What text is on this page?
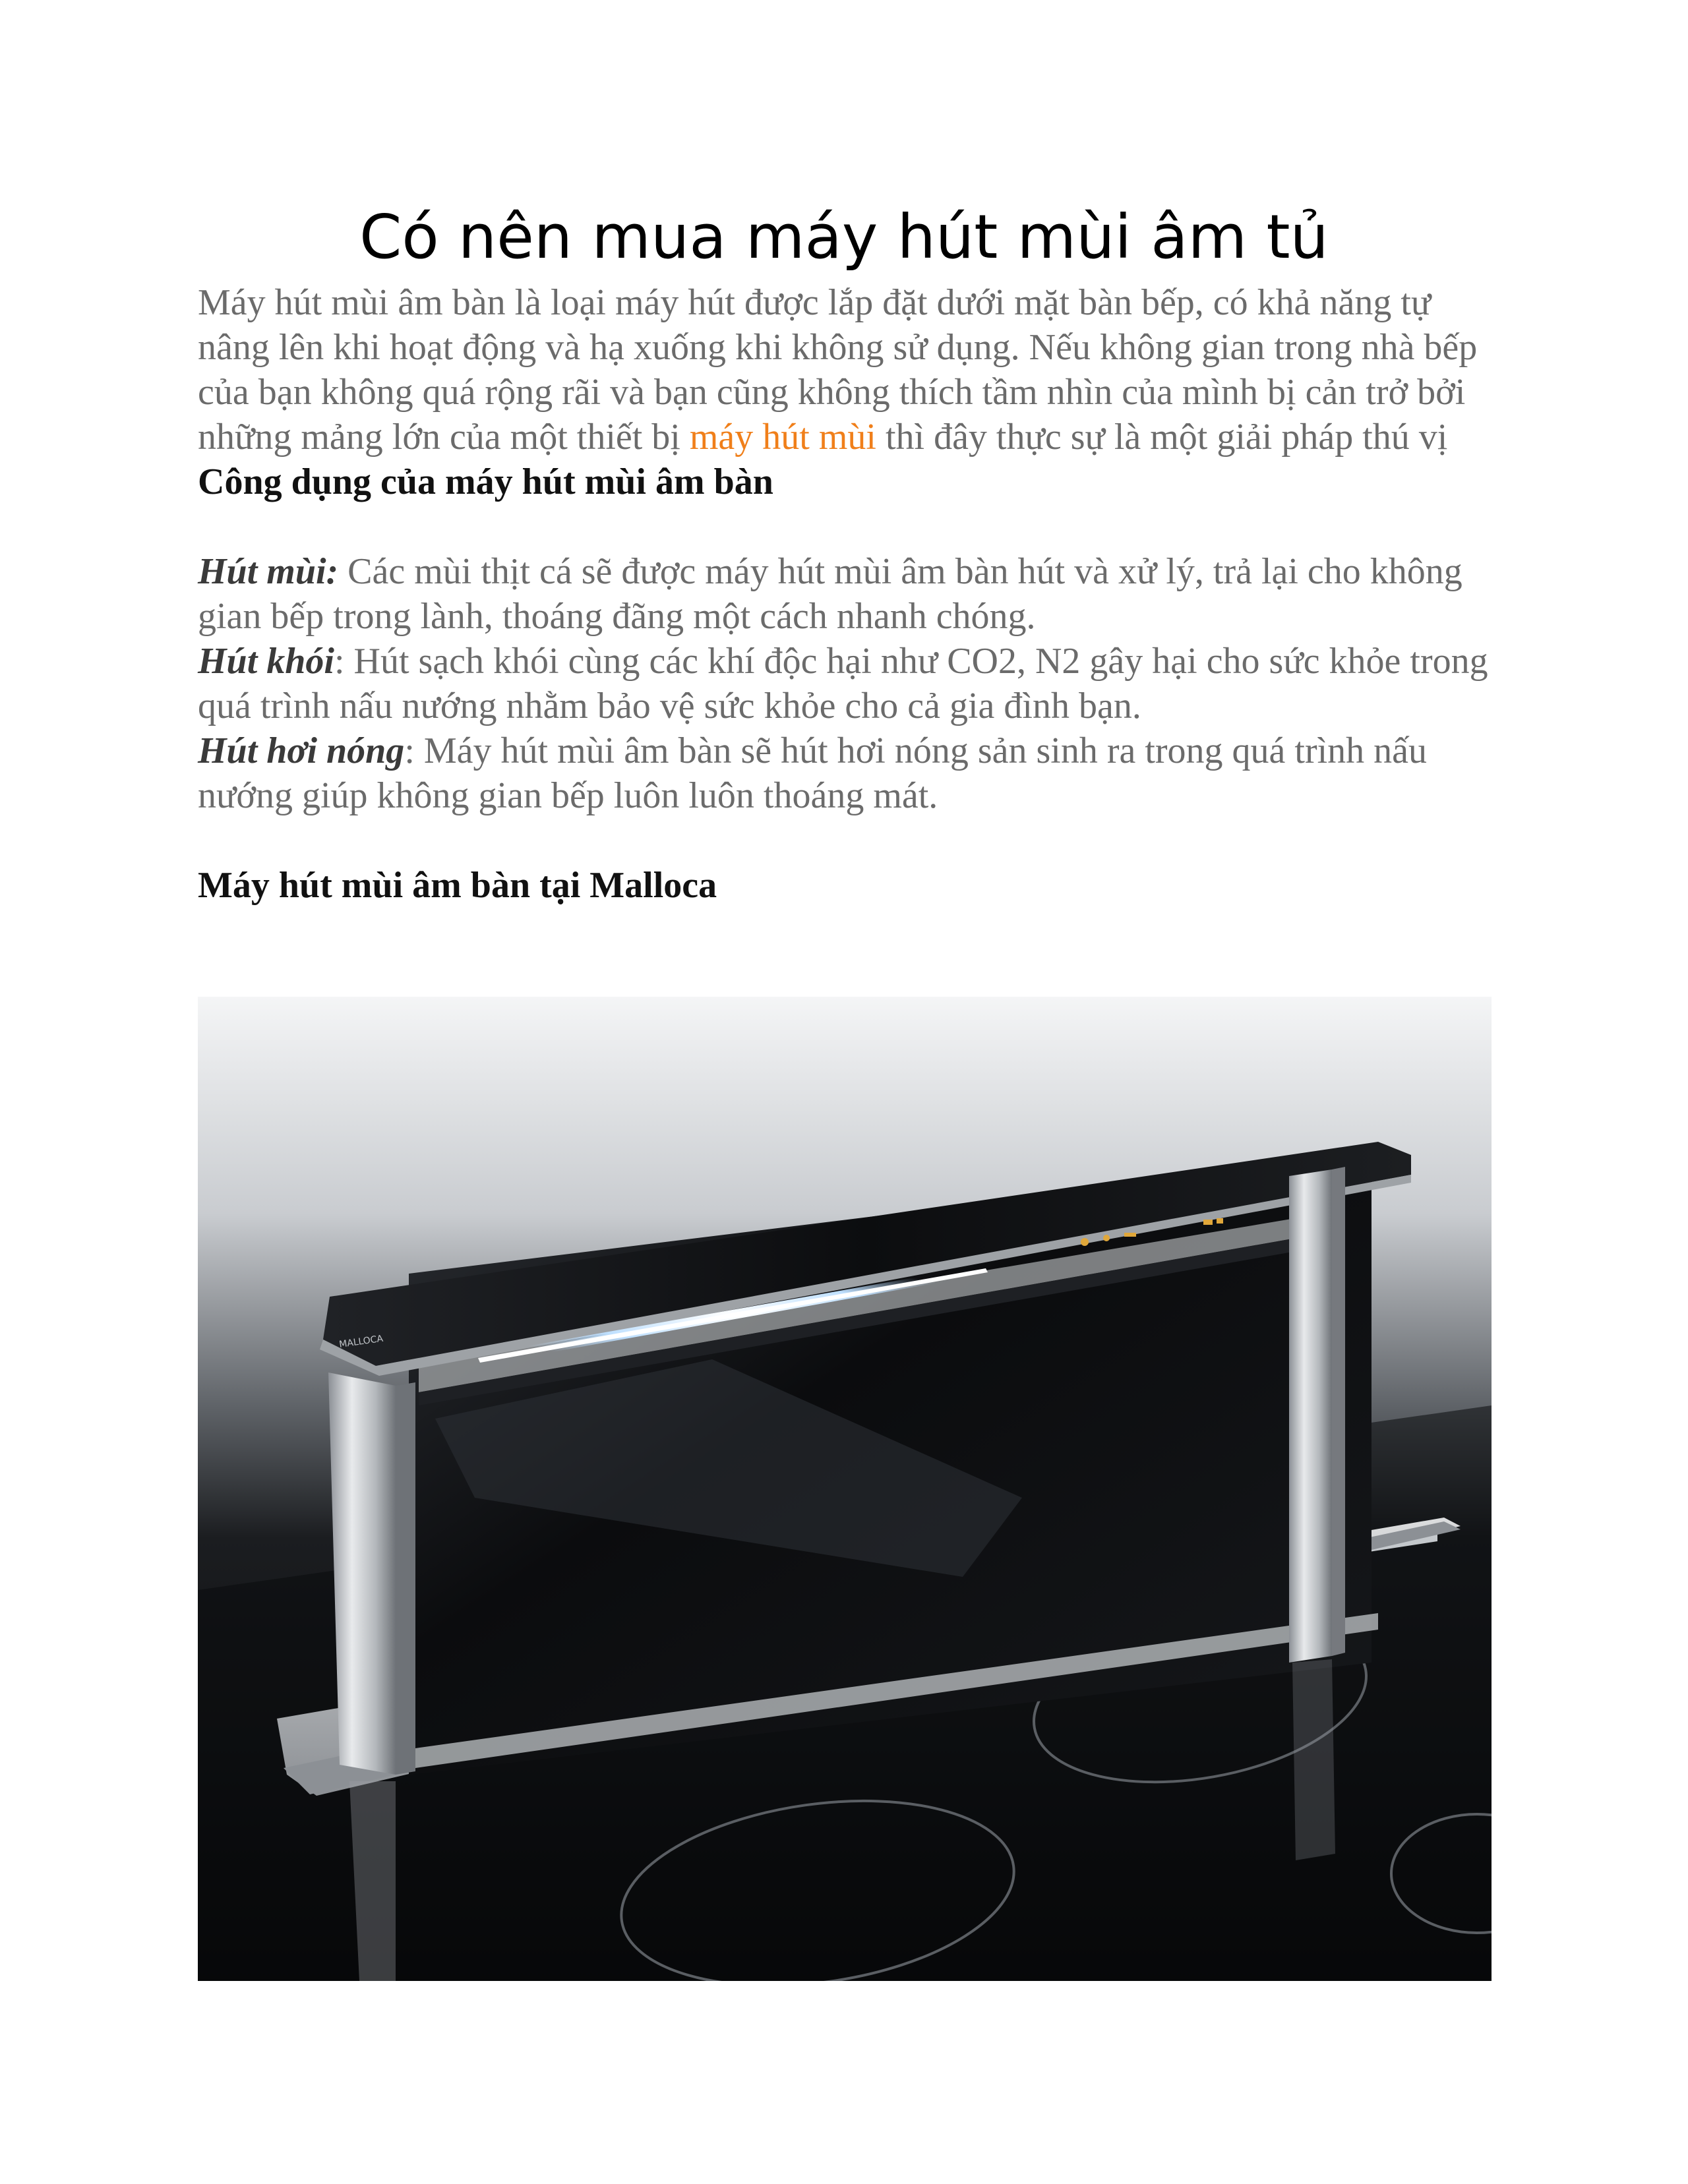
Có nên mua máy hút mùi âm tủ

Máy hút mùi âm bàn là loại máy hút được lắp đặt dưới mặt bàn bếp, có khả năng tự nâng lên khi hoạt động và hạ xuống khi không sử dụng. Nếu không gian trong nhà bếp của bạn không quá rộng rãi và bạn cũng không thích tầm nhìn của mình bị cản trở bởi những mảng lớn của một thiết bị máy hút mùi thì đây thực sự là một giải pháp thú vị

Công dụng của máy hút mùi âm bàn

Hút mùi: Các mùi thịt cá sẽ được máy hút mùi âm bàn hút và xử lý, trả lại cho không gian bếp trong lành, thoáng đãng một cách nhanh chóng.

Hút khói: Hút sạch khói cùng các khí độc hại như CO2, N2 gây hại cho sức khỏe trong quá trình nấu nướng nhằm bảo vệ sức khỏe cho cả gia đình bạn.

Hút hơi nóng: Máy hút mùi âm bàn sẽ hút hơi nóng sản sinh ra trong quá trình nấu nướng giúp không gian bếp luôn luôn thoáng mát.

Máy hút mùi âm bàn tại Malloca

MALLOCA
